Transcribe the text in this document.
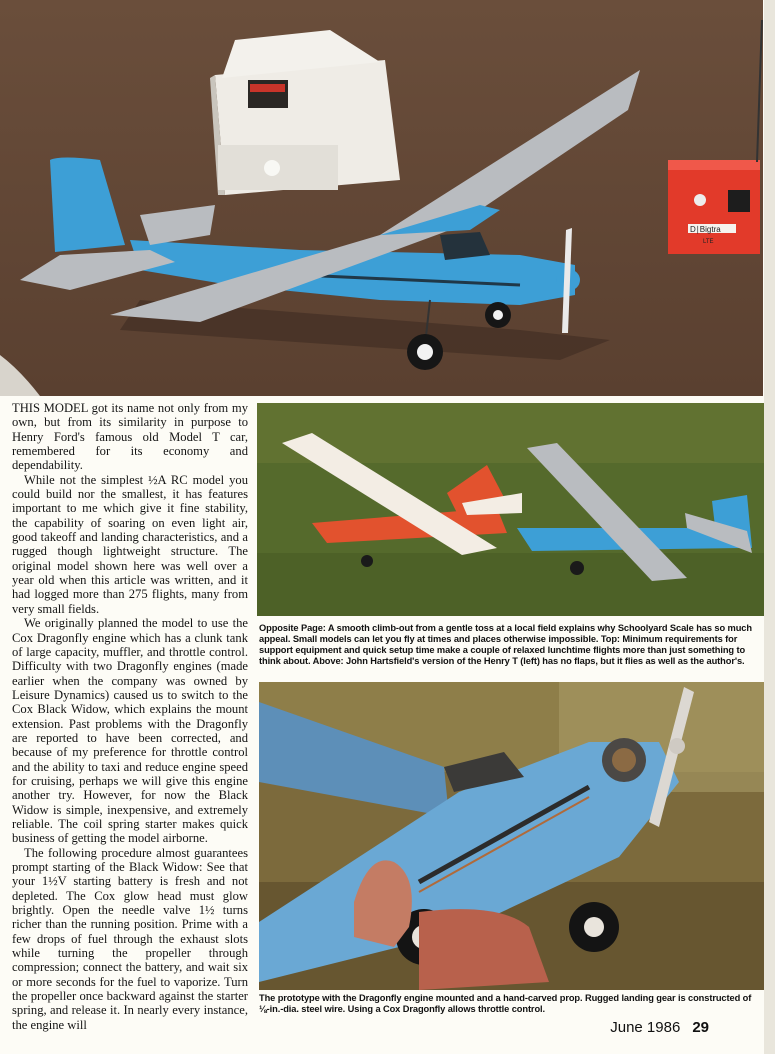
D∣Bigtra
LTE

THIS MODEL got its name not only from my own, but from its similarity in purpose to Henry Ford's famous old Model T car, remembered for its economy and dependability.

While not the simplest ½A RC model you could build nor the smallest, it has features important to me which give it fine stability, the capability of soaring on even light air, good takeoff and landing characteristics, and a rugged though lightweight structure. The original model shown here was well over a year old when this article was written, and it had logged more than 275 flights, many from very small fields.

We originally planned the model to use the Cox Dragonfly engine which has a clunk tank of large capacity, muffler, and throttle control. Difficulty with two Dragonfly engines (made earlier when the company was owned by Leisure Dynamics) caused us to switch to the Cox Black Widow, which explains the mount extension. Past problems with the Dragonfly are reported to have been corrected, and because of my preference for throttle control and the ability to taxi and reduce engine speed for cruising, perhaps we will give this engine another try. However, for now the Black Widow is simple, inexpensive, and extremely reliable. The coil spring starter makes quick business of getting the model airborne.

The following procedure almost guarantees prompt starting of the Black Widow: See that your 1½V starting battery is fresh and not depleted. The Cox glow head must glow brightly. Open the needle valve 1½ turns richer than the running position. Prime with a few drops of fuel through the exhaust slots while turning the propeller through compression; connect the battery, and wait six or more seconds for the fuel to vaporize. Turn the propeller once backward against the starter spring, and release it. In nearly every instance, the engine will

Opposite Page: A smooth climb-out from a gentle toss at a local field explains why Schoolyard Scale has so much appeal. Small models can let you fly at times and places otherwise impossible. Top: Minimum requirements for support equipment and quick setup time make a couple of relaxed lunchtime flights more than just something to think about. Above: John Hartsfield's version of the Henry T (left) has no flaps, but it flies as well as the author's.
The prototype with the Dragonfly engine mounted and a hand-carved prop. Rugged landing gear is constructed of ⅛-in.-dia. steel wire. Using a Cox Dragonfly allows throttle control.
June 1986 29
